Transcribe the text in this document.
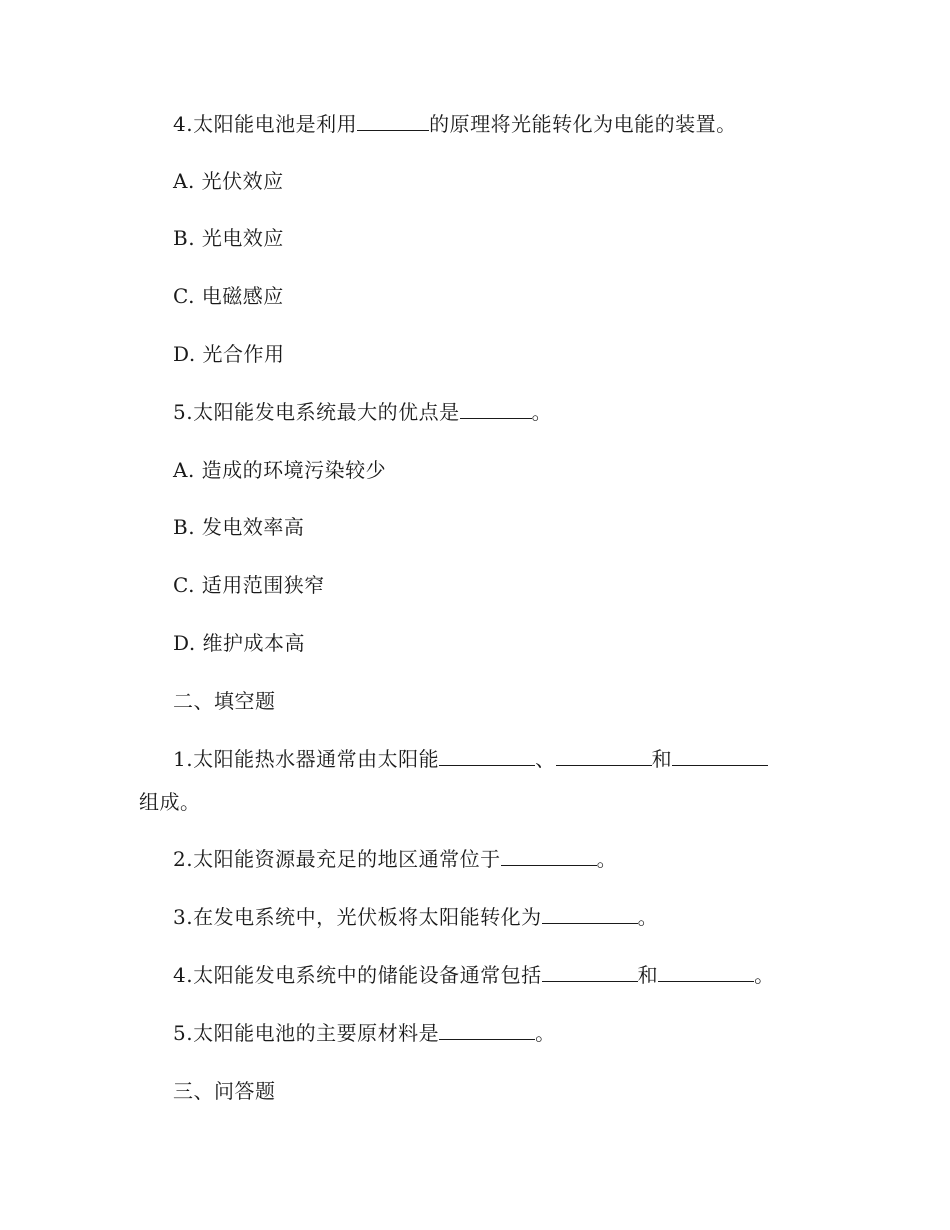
4.太阳能电池是利用	的原理将光能转化为电能的装置。
A. 光伏效应
B. 光电效应
C. 电磁感应
D. 光合作用
5.太阳能发电系统最大的优点是	。
A. 造成的环境污染较少
B. 发电效率高
C. 适用范围狭窄
D. 维护成本高
二、填空题
1.太阳能热水器通常由太阳能	、	和
组成。
2.太阳能资源最充足的地区通常位于	。
3.在发电系统中，光伏板将太阳能转化为	。
4.太阳能发电系统中的储能设备通常包括	和	。
5.太阳能电池的主要原材料是	。
三、问答题
